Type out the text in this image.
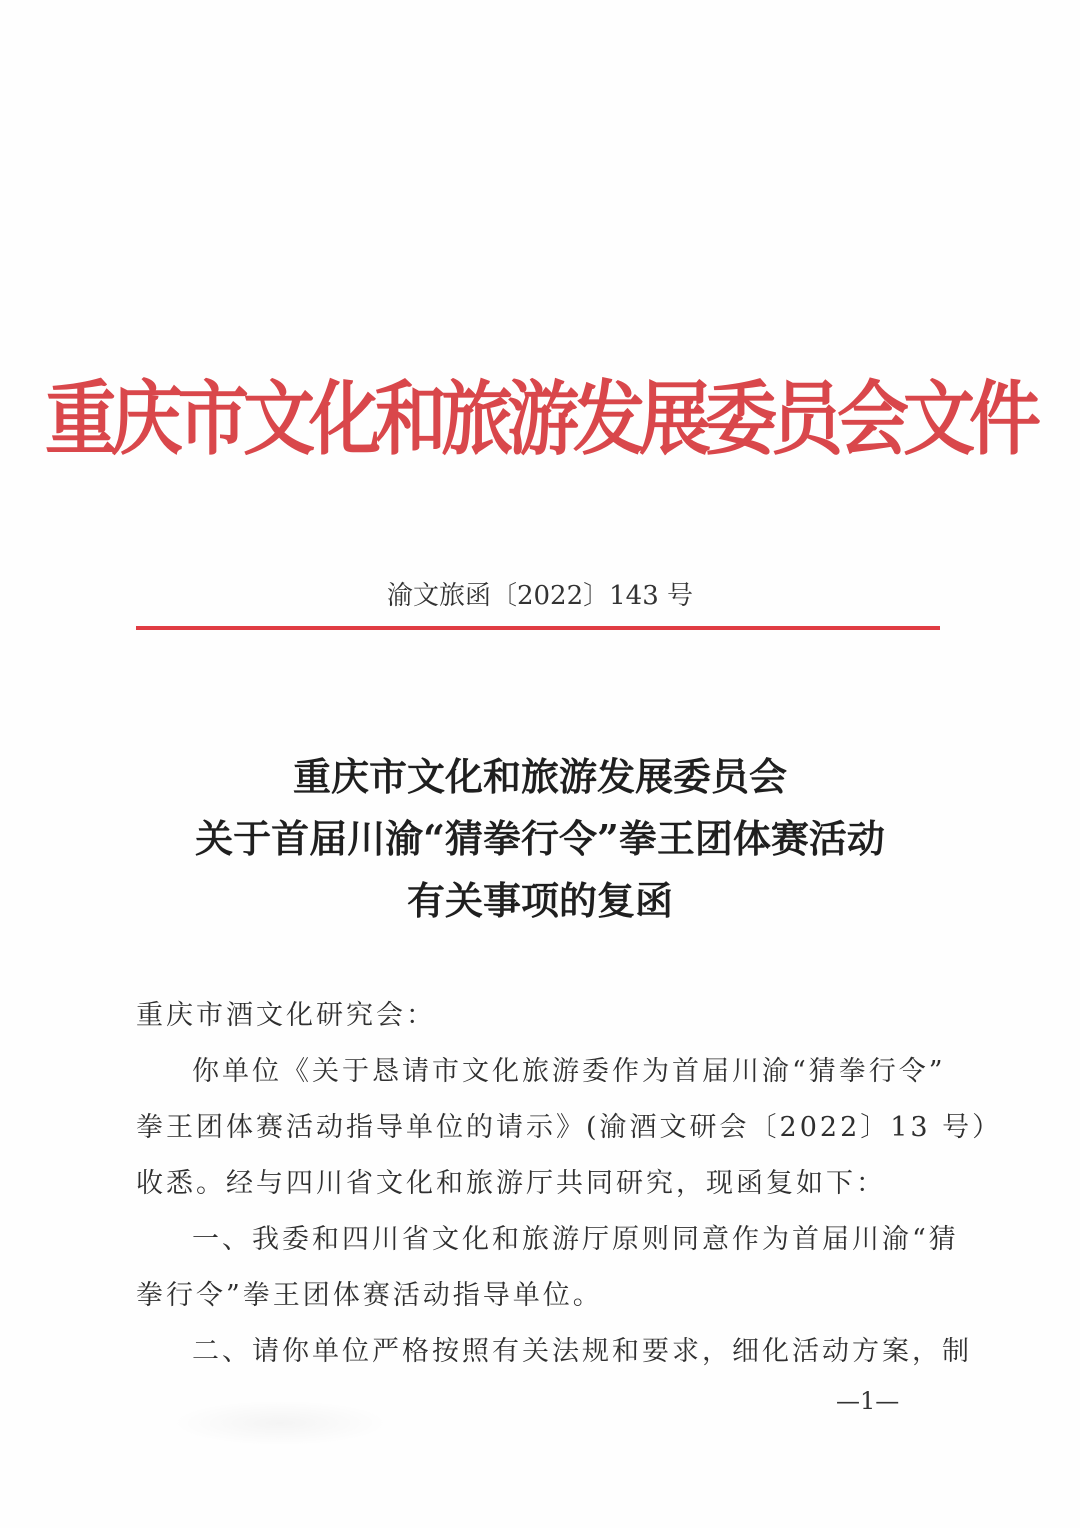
重庆市文化和旅游发展委员会文件
渝文旅函〔2022〕143 号
重庆市文化和旅游发展委员会
关于首届川渝“猜拳行令”拳王团体赛活动
有关事项的复函
重庆市酒文化研究会：
你单位《关于恳请市文化旅游委作为首届川渝“猜拳行令”
拳王团体赛活动指导单位的请示》(渝酒文研会〔2022〕13 号）
收悉。经与四川省文化和旅游厅共同研究，现函复如下：
一、我委和四川省文化和旅游厅原则同意作为首届川渝“猜
拳行令”拳王团体赛活动指导单位。
二、请你单位严格按照有关法规和要求，细化活动方案，制
—1—
